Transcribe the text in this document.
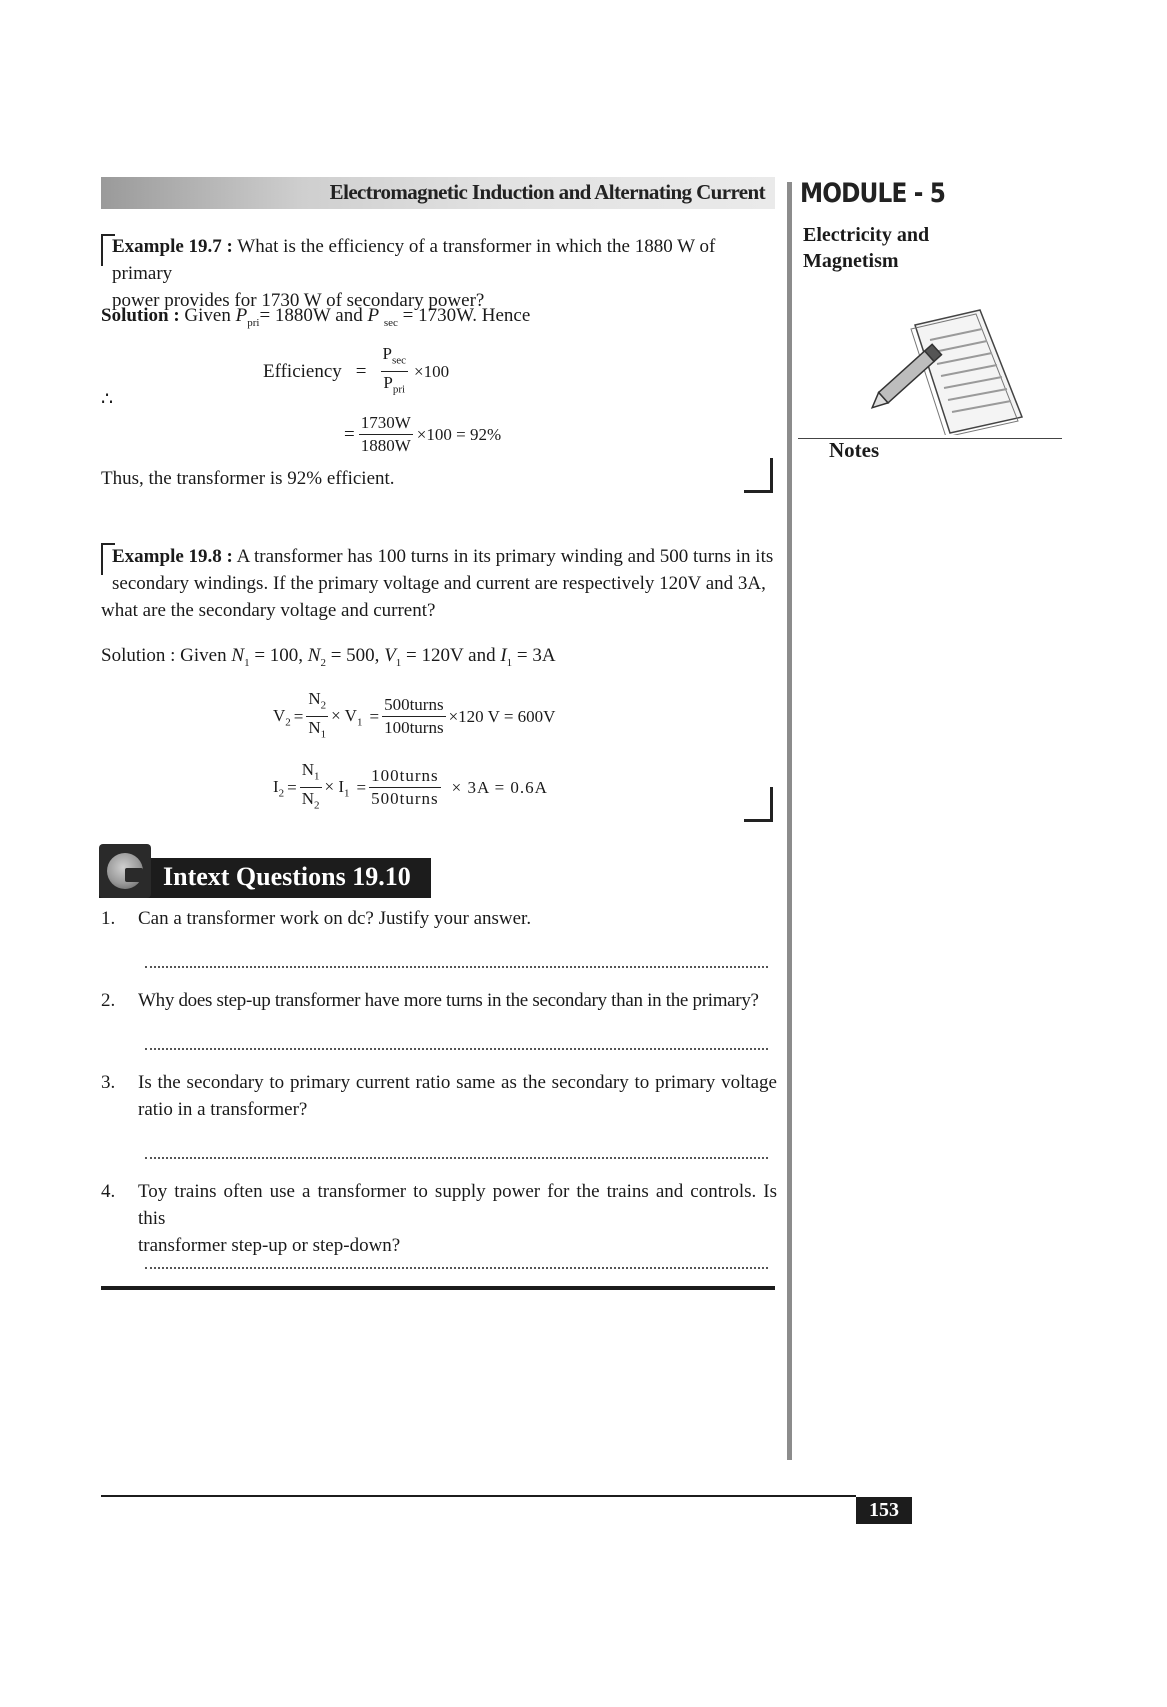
Electromagnetic Induction and Alternating Current MODULE - 5
Electricity and
Magnetism
Notes
Example 19.7 : What is the efficiency of a transformer in which the 1880 W of primary
power provides for 1730 W of secondary power?
Solution : Given $P_{pri}= 1880W$ and P $_{sec}$ = 1730W. Hence
Efficiency = $\frac{P_{sec}}{P_{pri}} \times 100$
∴
= $\frac{1730W}{1880W} \times 100 = 92\%$
Thus, the transformer is 92% efficient.
Example 19.8 : A transformer has 100 turns in its primary winding and 500 turns in its
secondary windings. If the primary voltage and current are respectively 120V and 3A,
what are the secondary voltage and current?
Solution : Given $N_1 = 100$, $N_2 = 500$, $V_1 = 120V$ and $I_1 = 3A$
$V_2 = \frac{N_2}{N_1} \times V_1 = \frac{\text{500turns}}{\text{100turns}} \times 120$ V = 600V
$I_2 = \frac{N_1}{N_2} \times I_1 = \frac{\text{100turns}}{\text{500turns}} \times 3A = 0.6A$
Intext Questions 19.10
1. Can a transformer work on dc? Justify your answer.
2. Why does step-up transformer have more turns in the secondary than in the primary?
3. Is the secondary to primary current ratio same as the secondary to primary voltage
ratio in a transformer?
4. Toy trains often use a transformer to supply power for the trains and controls. Is this
transformer step-up or step-down?
153
